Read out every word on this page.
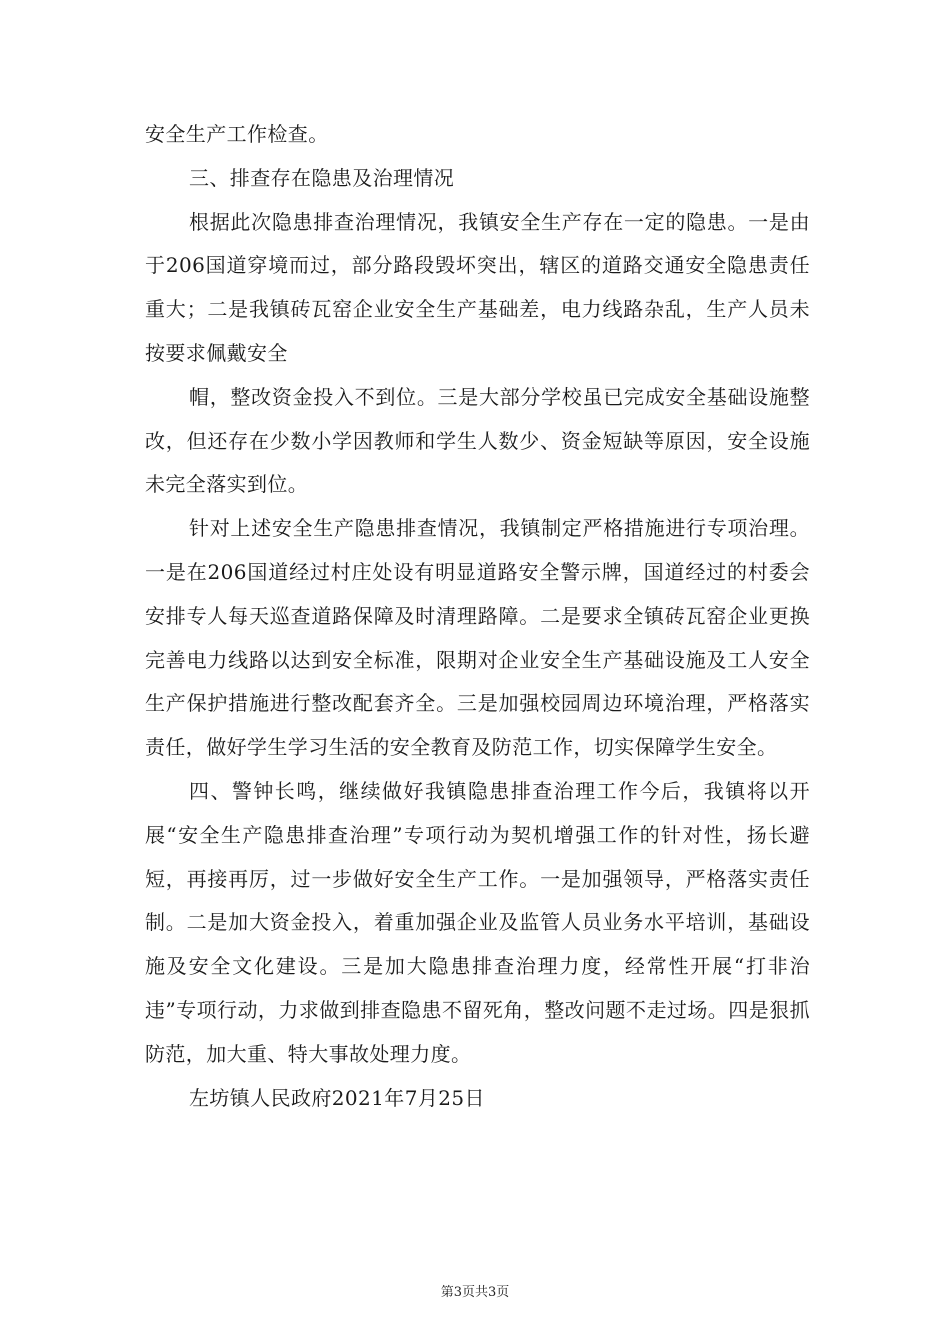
安全生产工作检查。

三、排查存在隐患及治理情况

根据此次隐患排查治理情况，我镇安全生产存在一定的隐患。一是由于206国道穿境而过，部分路段毁坏突出，辖区的道路交通安全隐患责任重大；二是我镇砖瓦窑企业安全生产基础差，电力线路杂乱，生产人员未按要求佩戴安全

帽，整改资金投入不到位。三是大部分学校虽已完成安全基础设施整改，但还存在少数小学因教师和学生人数少、资金短缺等原因，安全设施未完全落实到位。

针对上述安全生产隐患排查情况，我镇制定严格措施进行专项治理。一是在206国道经过村庄处设有明显道路安全警示牌，国道经过的村委会安排专人每天巡查道路保障及时清理路障。二是要求全镇砖瓦窑企业更换完善电力线路以达到安全标准，限期对企业安全生产基础设施及工人安全生产保护措施进行整改配套齐全。三是加强校园周边环境治理，严格落实责任，做好学生学习生活的安全教育及防范工作，切实保障学生安全。

四、警钟长鸣，继续做好我镇隐患排查治理工作今后，我镇将以开展“安全生产隐患排查治理”专项行动为契机增强工作的针对性，扬长避短，再接再厉，过一步做好安全生产工作。一是加强领导，严格落实责任制。二是加大资金投入，着重加强企业及监管人员业务水平培训，基础设施及安全文化建设。三是加大隐患排查治理力度，经常性开展“打非治违”专项行动，力求做到排查隐患不留死角，整改问题不走过场。四是狠抓防范，加大重、特大事故处理力度。

左坊镇人民政府2021年7月25日

第3页共3页
